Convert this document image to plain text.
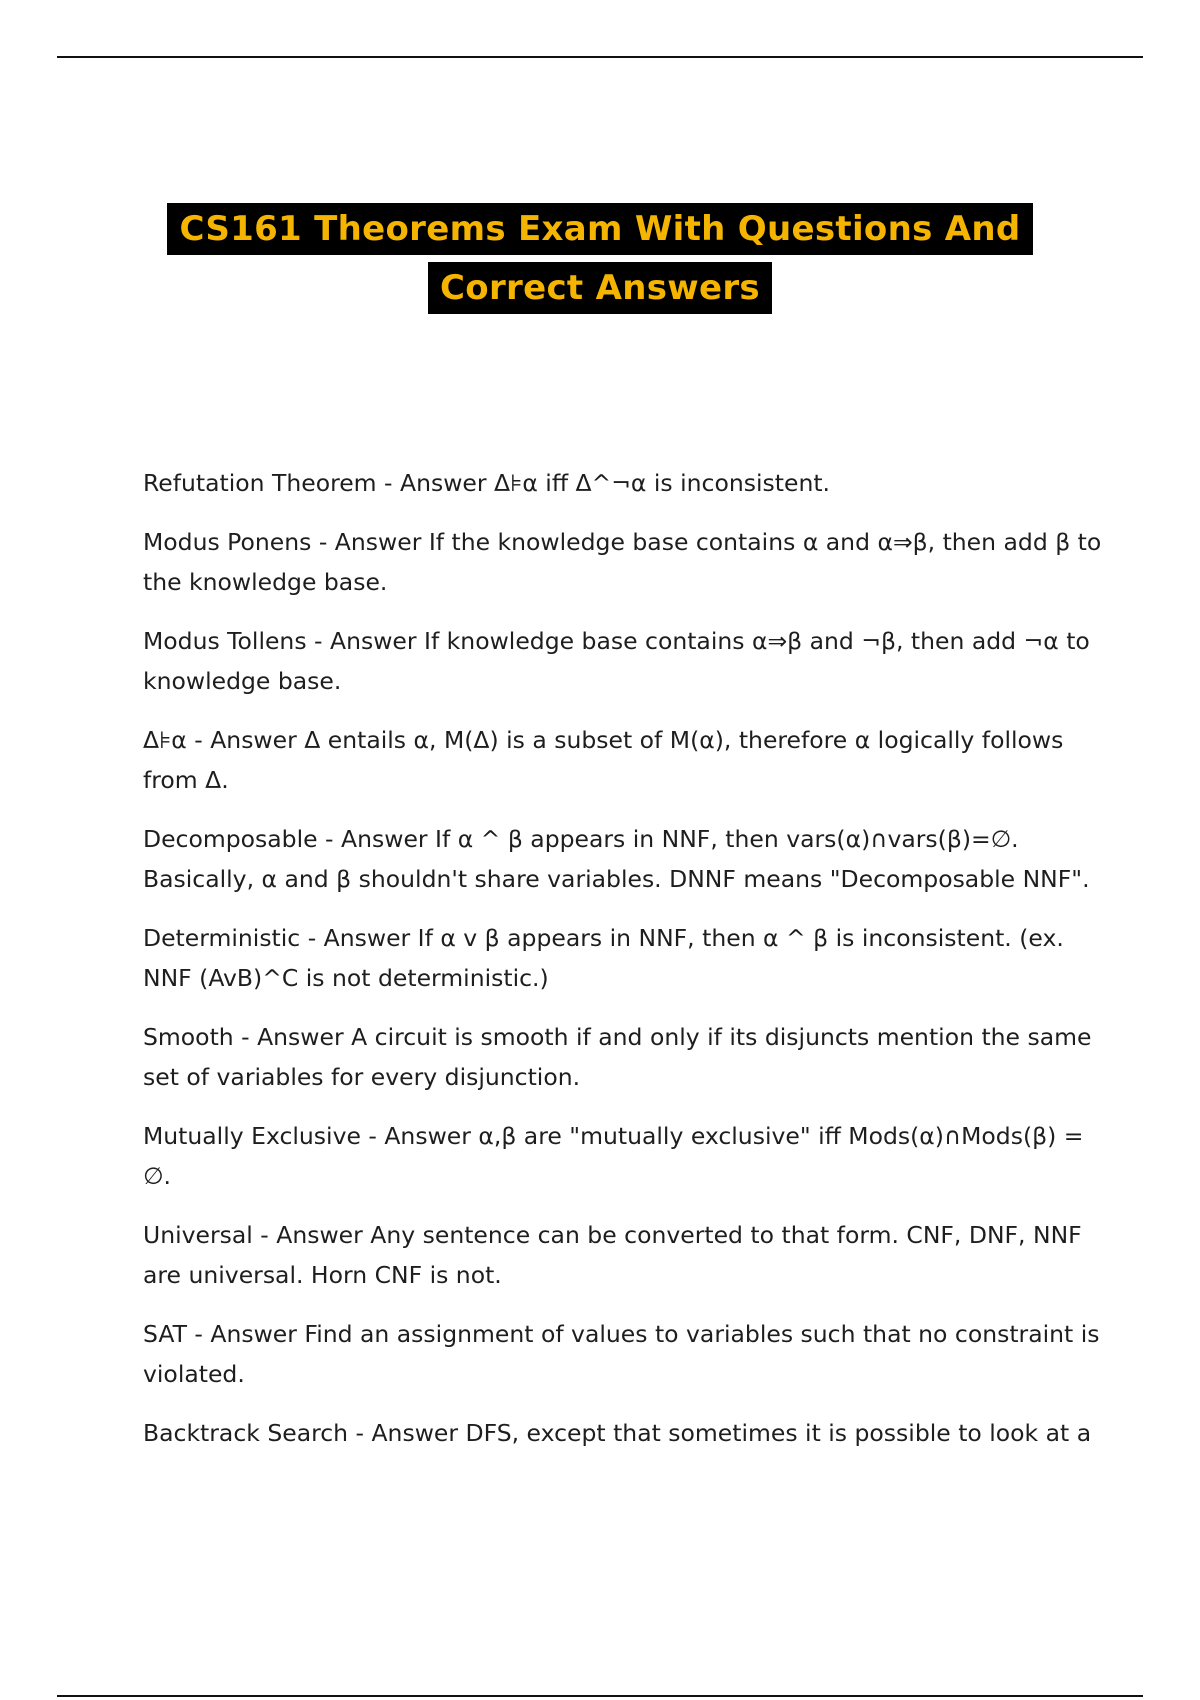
CS161 Theorems Exam With Questions And
Correct Answers

Refutation Theorem - Answer Δ⊧α iff Δ^¬α is inconsistent.

Modus Ponens - Answer If the knowledge base contains α and α⇒β, then add β to the knowledge base.

Modus Tollens - Answer If knowledge base contains α⇒β and ¬β, then add ¬α to knowledge base.

Δ⊧α - Answer Δ entails α, M(Δ) is a subset of M(α), therefore α logically follows from Δ.

Decomposable - Answer If α ^ β appears in NNF, then vars(α)∩vars(β)=∅. Basically, α and β shouldn't share variables. DNNF means "Decomposable NNF".

Deterministic - Answer If α v β appears in NNF, then α ^ β is inconsistent. (ex. NNF (AvB)^C is not deterministic.)

Smooth - Answer A circuit is smooth if and only if its disjuncts mention the same set of variables for every disjunction.

Mutually Exclusive - Answer α,β are "mutually exclusive" iff Mods(α)∩Mods(β) = ∅.

Universal - Answer Any sentence can be converted to that form. CNF, DNF, NNF are universal. Horn CNF is not.

SAT - Answer Find an assignment of values to variables such that no constraint is violated.

Backtrack Search - Answer DFS, except that sometimes it is possible to look at a
